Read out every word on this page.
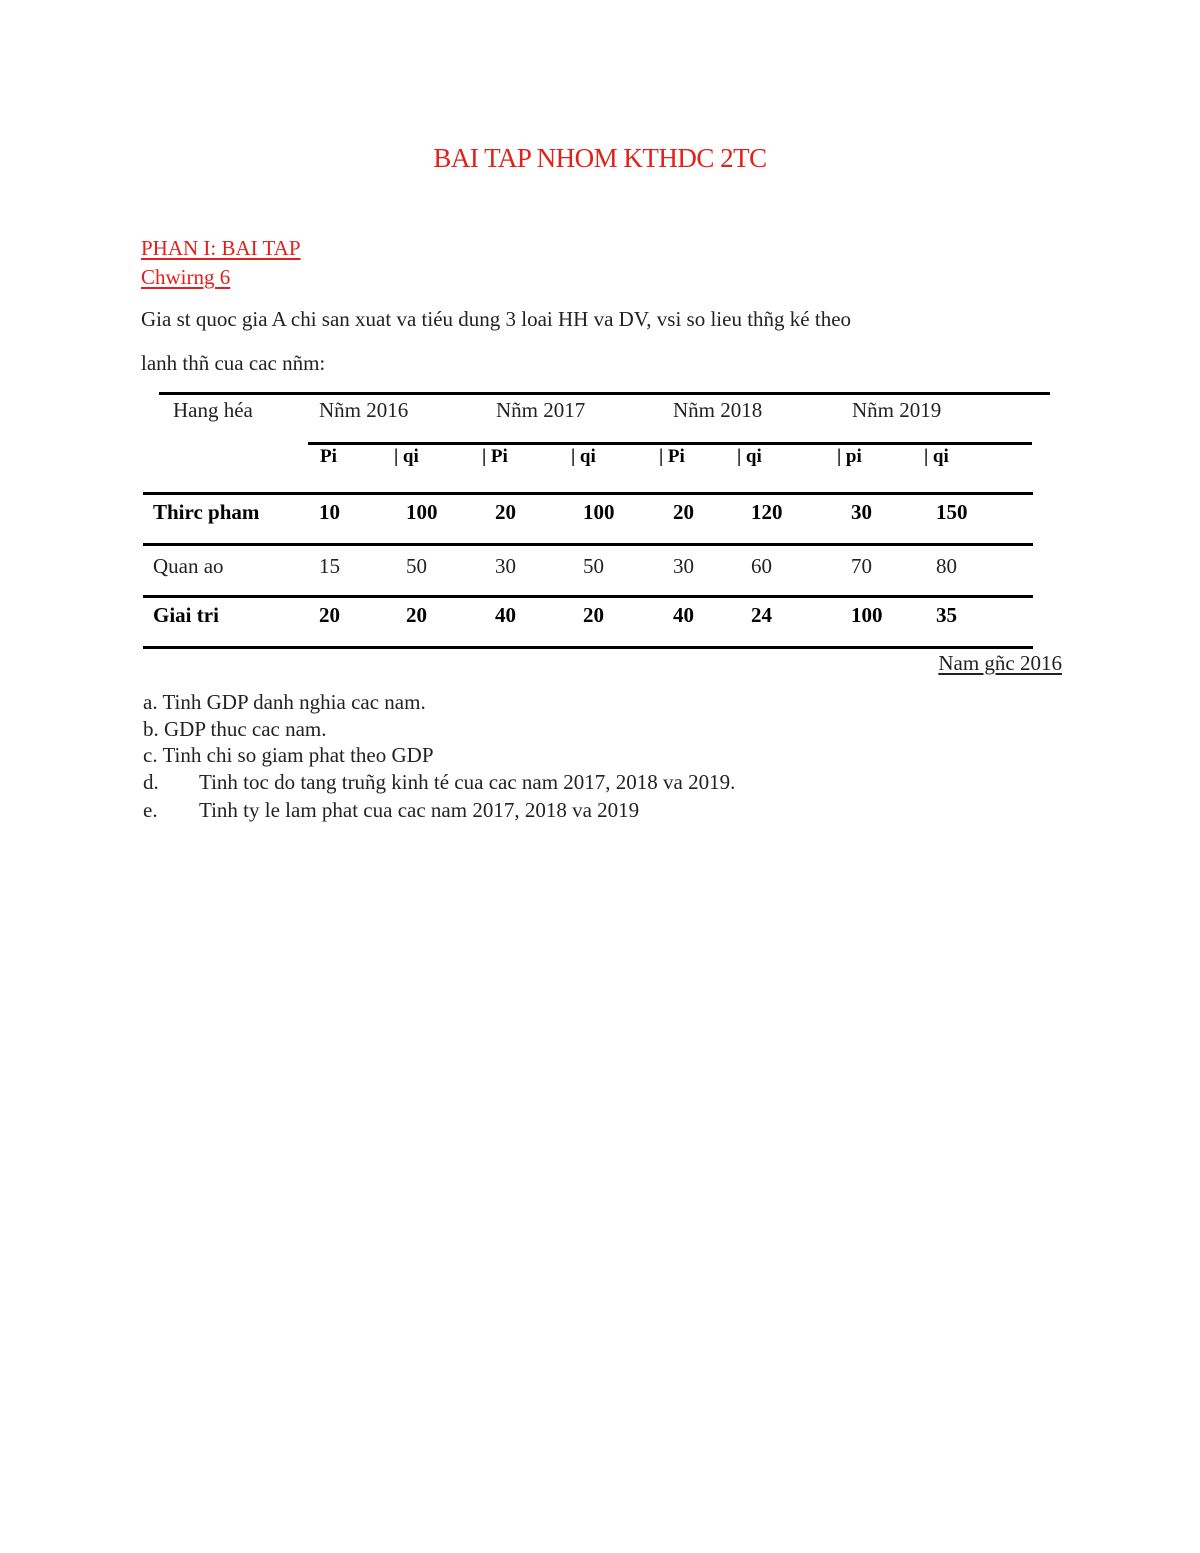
BAI TAP NHOM KTHDC 2TC
PHAN I: BAI TAP
Chwirng 6
Gia st quoc gia A chi san xuat va tiéu dung 3 loai HH va DV, vsi so lieu thñg ké theo
lanh thñ cua cac nñm:
Hang héa	Nñm 2016	Nñm 2017	Nñm 2018	Nñm 2019
Pi	| qi	| Pi	| qi	| Pi	| qi	| pi	| qi
Thirc pham	10	100	20	100	20	120	30	150
Quan ao	15	50	30	50	30	60	70	80
Giai tri	20	20	40	20	40	24	100	35
Nam gñc 2016
a. Tinh GDP danh nghia cac nam.
b. GDP thuc cac nam.
c. Tinh chi so giam phat theo GDP
d. Tinh toc do tang truñg kinh té cua cac nam 2017, 2018 va 2019.
e. Tinh ty le lam phat cua cac nam 2017, 2018 va 2019
